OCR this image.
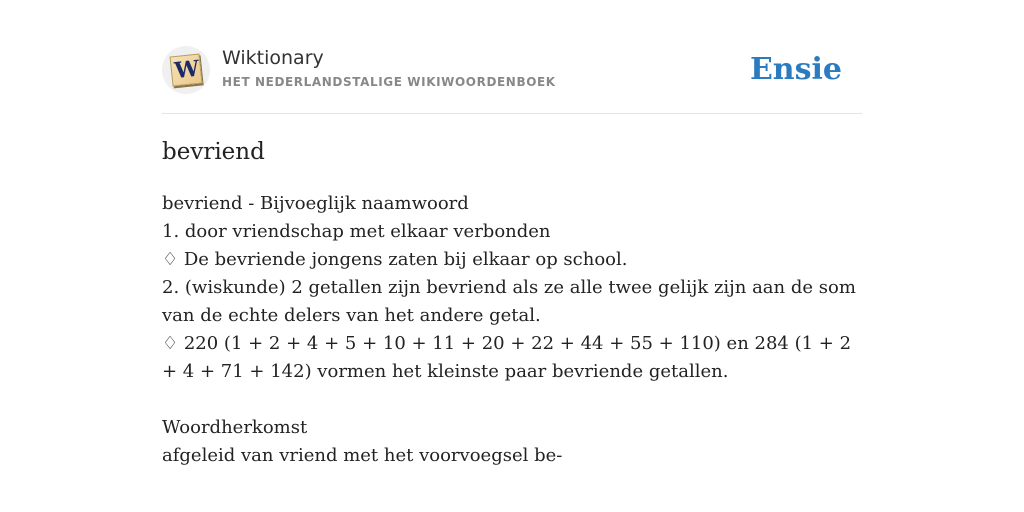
W Wiktionary
HET NEDERLANDSTALIGE WIKIWOORDENBOEK	Ensie
bevriend
bevriend - Bijvoeglijk naamwoord
1. door vriendschap met elkaar verbonden
♢ De bevriende jongens zaten bij elkaar op school.
2. (wiskunde) 2 getallen zijn bevriend als ze alle twee gelijk zijn aan de som van de echte delers van het andere getal.
♢ 220 (1 + 2 + 4 + 5 + 10 + 11 + 20 + 22 + 44 + 55 + 110) en 284 (1 + 2 + 4 + 71 + 142) vormen het kleinste paar bevriende getallen.
Woordherkomst
afgeleid van vriend met het voorvoegsel be-
